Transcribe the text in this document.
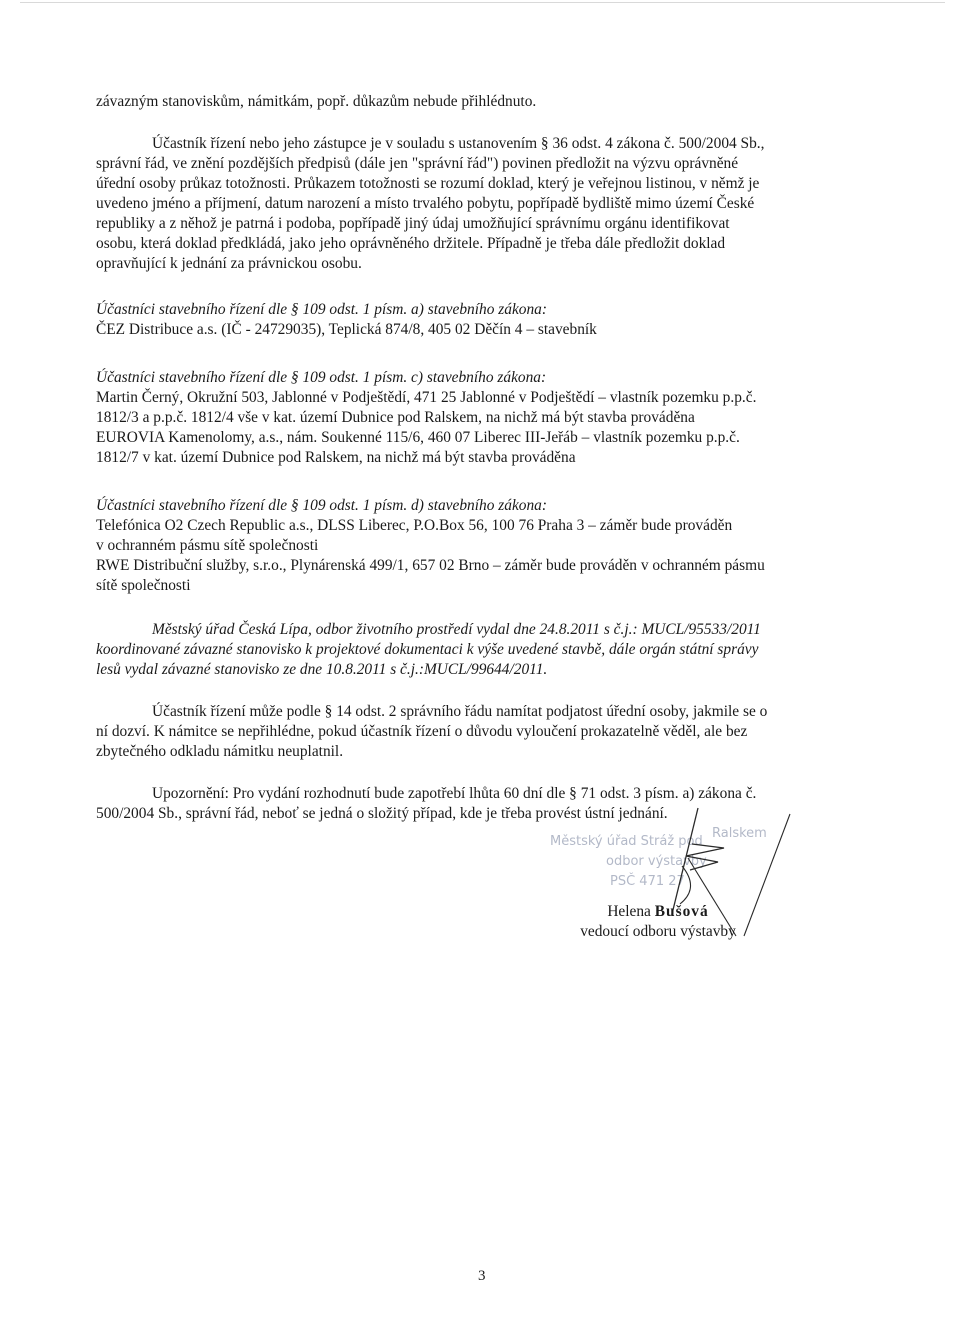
závazným stanoviskům, námitkám, popř. důkazům nebude přihlédnuto.

Účastník řízení nebo jeho zástupce je v souladu s ustanovením § 36 odst. 4 zákona č. 500/2004 Sb.,
správní řád, ve znění pozdějších předpisů (dále jen "správní řád") povinen předložit na výzvu oprávněné
úřední osoby průkaz totožnosti. Průkazem totožnosti se rozumí doklad, který je veřejnou listinou, v němž je
uvedeno jméno a příjmení, datum narození a místo trvalého pobytu, popřípadě bydliště mimo území České
republiky a z něhož je patrná i podoba, popřípadě jiný údaj umožňující správnímu orgánu identifikovat
osobu, která doklad předkládá, jako jeho oprávněného držitele. Případně je třeba dále předložit doklad
opravňující k jednání za právnickou osobu.

Účastníci stavebního řízení dle § 109 odst. 1 písm. a) stavebního zákona:
ČEZ Distribuce a.s. (IČ - 24729035), Teplická 874/8, 405 02 Děčín 4 – stavebník
Účastníci stavebního řízení dle § 109 odst. 1 písm. c) stavebního zákona:
Martin Černý, Okružní 503, Jablonné v Podještědí, 471 25 Jablonné v Podještědí – vlastník pozemku p.p.č.
1812/3 a p.p.č. 1812/4 vše v kat. území Dubnice pod Ralskem, na nichž má být stavba prováděna
EUROVIA Kamenolomy, a.s., nám. Soukenné 115/6, 460 07 Liberec III-Jeřáb – vlastník pozemku p.p.č.
1812/7 v kat. území Dubnice pod Ralskem, na nichž má být stavba prováděna
Účastníci stavebního řízení dle § 109 odst. 1 písm. d) stavebního zákona:
Telefónica O2 Czech Republic a.s., DLSS Liberec, P.O.Box 56, 100 76 Praha 3 – záměr bude prováděn
v ochranném pásmu sítě společnosti
RWE Distribuční služby, s.r.o., Plynárenská 499/1, 657 02 Brno – záměr bude prováděn v ochranném pásmu
sítě společnosti
Městský úřad Česká Lípa, odbor životního prostředí vydal dne 24.8.2011 s č.j.: MUCL/95533/2011
koordinované závazné stanovisko k projektové dokumentaci k výše uvedené stavbě, dále orgán státní správy
lesů vydal závazné stanovisko ze dne 10.8.2011 s č.j.:MUCL/99644/2011.

Účastník řízení může podle § 14 odst. 2 správního řádu namítat podjatost úřední osoby, jakmile se o
ní dozví. K námitce se nepřihlédne, pokud účastník řízení o důvodu vyloučení prokazatelně věděl, ale bez
zbytečného odkladu námitku neuplatnil.

Upozornění: Pro vydání rozhodnutí bude zapotřebí lhůta 60 dní dle § 71 odst. 3 písm. a) zákona č.
500/2004 Sb., správní řád, neboť se jedná o složitý případ, kde je třeba provést ústní jednání.

Městský úřad Stráž pod
Ralskem
odbor výstavby
PSČ 471 27
Helena Bušová
vedoucí odboru výstavby
3
